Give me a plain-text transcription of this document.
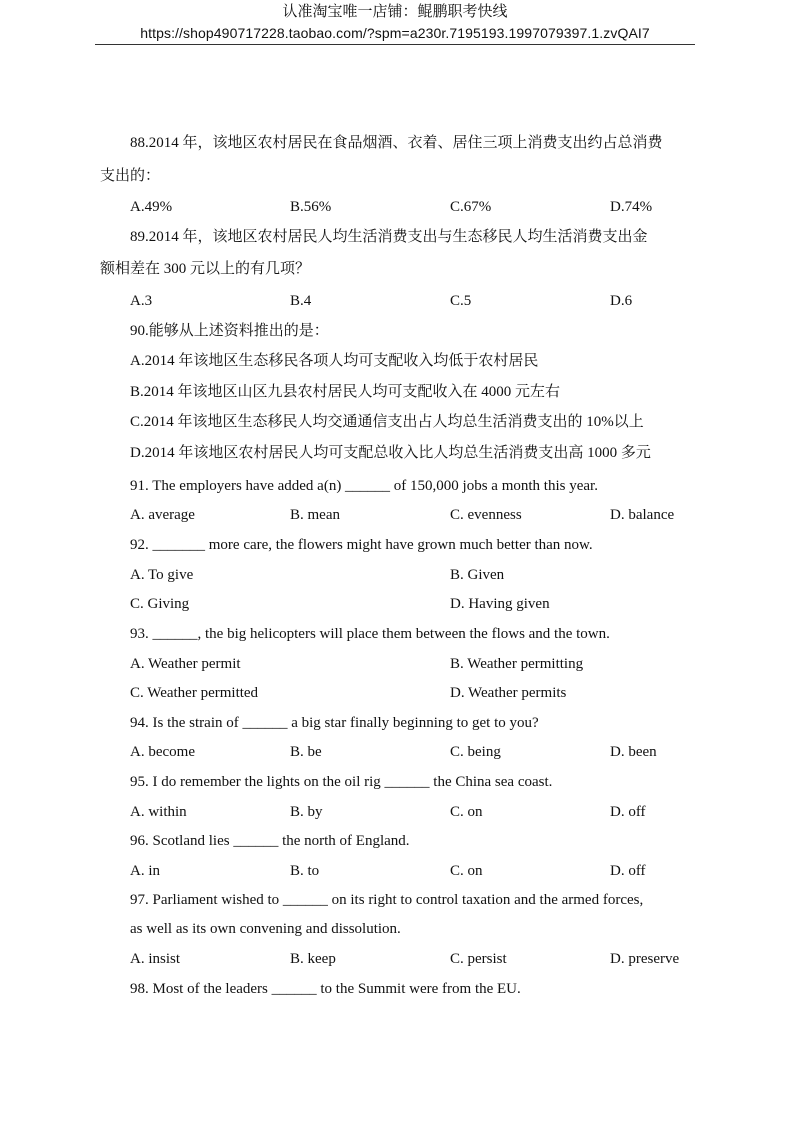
认准淘宝唯一店铺：鲲鹏职考快线
https://shop490717228.taobao.com/?spm=a230r.7195193.1997079397.1.zvQAI7
88.2014 年，该地区农村居民在食品烟酒、衣着、居住三项上消费支出约占总消费
支出的：
A.49%	B.56%	C.67%	D.74%
89.2014 年，该地区农村居民人均生活消费支出与生态移民人均生活消费支出金
额相差在 300 元以上的有几项？
A.3	B.4	C.5	D.6
90.能够从上述资料推出的是：
A.2014 年该地区生态移民各项人均可支配收入均低于农村居民
B.2014 年该地区山区九县农村居民人均可支配收入在 4000 元左右
C.2014 年该地区生态移民人均交通通信支出占人均总生活消费支出的 10%以上
D.2014 年该地区农村居民人均可支配总收入比人均总生活消费支出高 1000 多元
91. The employers have added a(n) ______ of 150,000 jobs a month this year.
A. average	B. mean	C. evenness	D. balance
92. _______ more care, the flowers might have grown much better than now.
A. To give	B. Given
C. Giving	D. Having given
93. ______, the big helicopters will place them between the flows and the town.
A. Weather permit	B. Weather permitting
C. Weather permitted	D. Weather permits
94. Is the strain of ______ a big star finally beginning to get to you?
A. become	B. be	C. being	D. been
95. I do remember the lights on the oil rig ______ the China sea coast.
A. within	B. by	C. on	D. off
96. Scotland lies ______ the north of England.
A. in	B. to	C. on	D. off
97. Parliament wished to ______ on its right to control taxation and the armed forces,
as well as its own convening and dissolution.
A. insist	B. keep	C. persist	D. preserve
98. Most of the leaders ______ to the Summit were from the EU.
